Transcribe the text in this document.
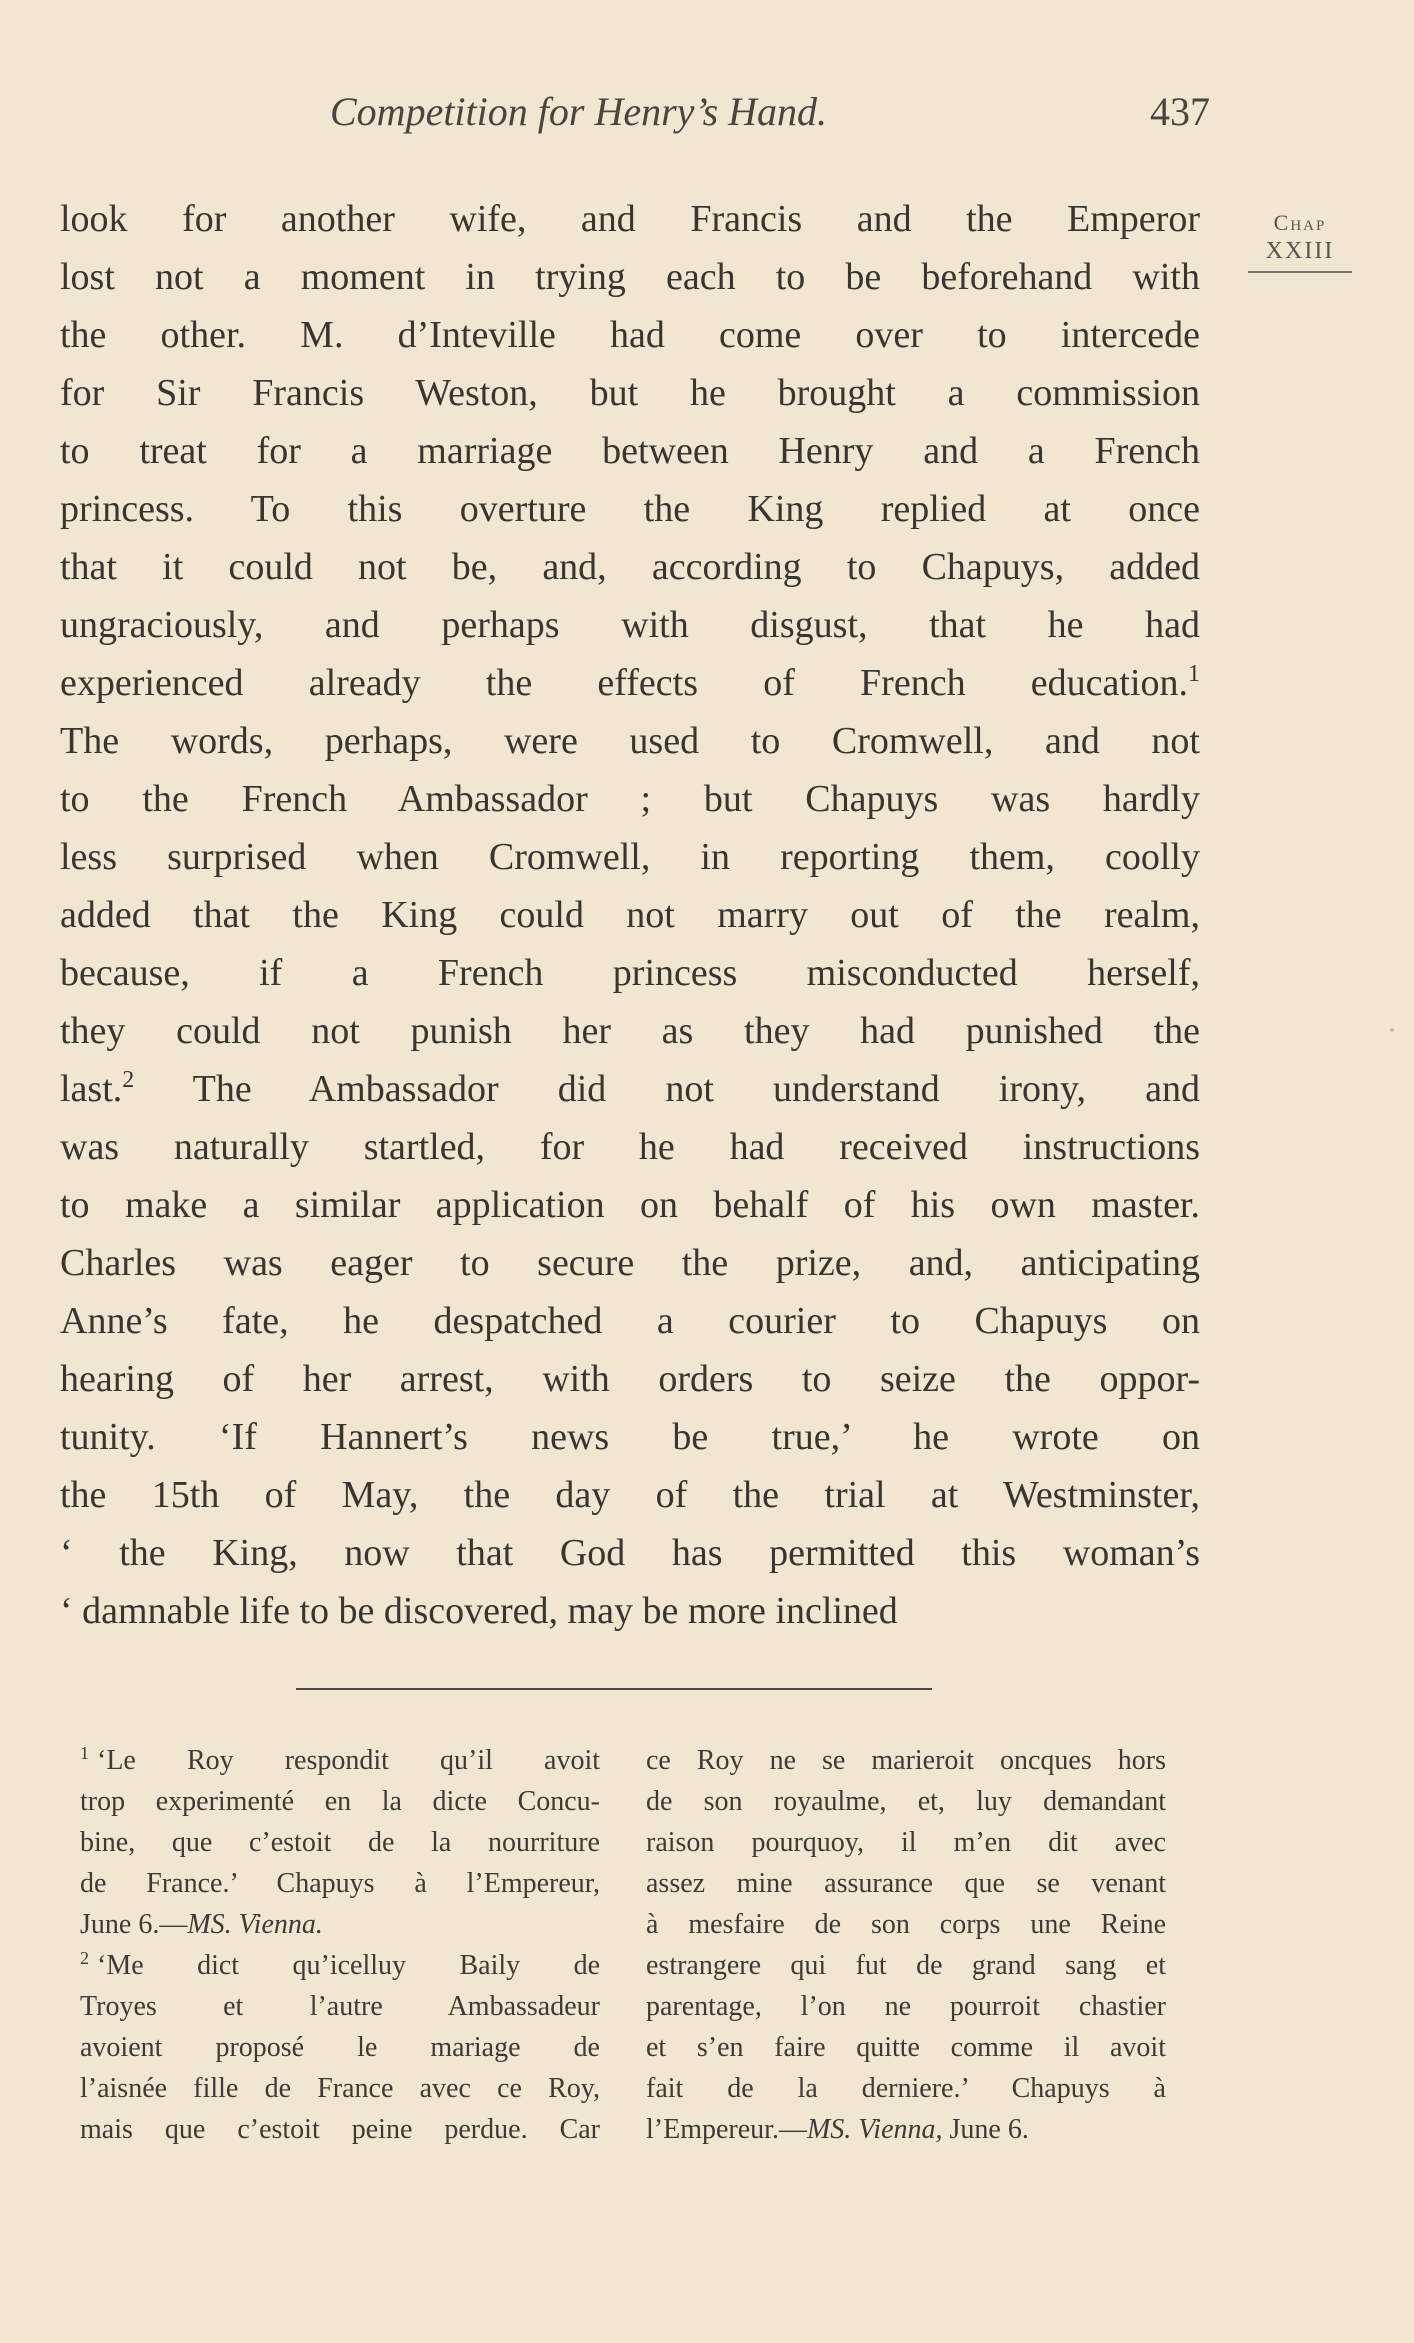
Competition for Henry’s Hand.	437
Chap
XXIII
look for another wife, and Francis and the Emperor
lost not a moment in trying each to be beforehand with
the other. M. d’Inteville had come over to intercede
for Sir Francis Weston, but he brought a commission
to treat for a marriage between Henry and a French
princess. To this overture the King replied at once
that it could not be, and, according to Chapuys, added
ungraciously, and perhaps with disgust, that he had
experienced already the effects of French education.$^1$
The words, perhaps, were used to Cromwell, and not
to the French Ambassador ; but Chapuys was hardly
less surprised when Cromwell, in reporting them, coolly
added that the King could not marry out of the realm,
because, if a French princess misconducted herself,
they could not punish her as they had punished the
last.$^2$ The Ambassador did not understand irony, and
was naturally startled, for he had received instructions
to make a similar application on behalf of his own master.
Charles was eager to secure the prize, and, anticipating
Anne’s fate, he despatched a courier to Chapuys on
hearing of her arrest, with orders to seize the oppor-
tunity. ‘If Hannert’s news be true,’ he wrote on
the 15th of May, the day of the trial at Westminster,
‘ the King, now that God has permitted this woman’s
‘ damnable life to be discovered, may be more inclined
$^1$ ‘Le Roy respondit qu’il avoit
trop experimenté en la dicte Concu-
bine, que c’estoit de la nourriture
de France.’ Chapuys à l’Empereur,
June 6.—MS. Vienna.
$^2$ ‘Me dict qu’icelluy Baily de
Troyes et l’autre Ambassadeur
avoient proposé le mariage de
l’aisnée fille de France avec ce Roy,
mais que c’estoit peine perdue. Car
ce Roy ne se marieroit oncques hors
de son royaulme, et, luy demandant
raison pourquoy, il m’en dit avec
assez mine assurance que se venant
à mesfaire de son corps une Reine
estrangere qui fut de grand sang et
parentage, l’on ne pourroit chastier
et s’en faire quitte comme il avoit
fait de la derniere.’ Chapuys à
l’Empereur.—MS. Vienna, June 6.
